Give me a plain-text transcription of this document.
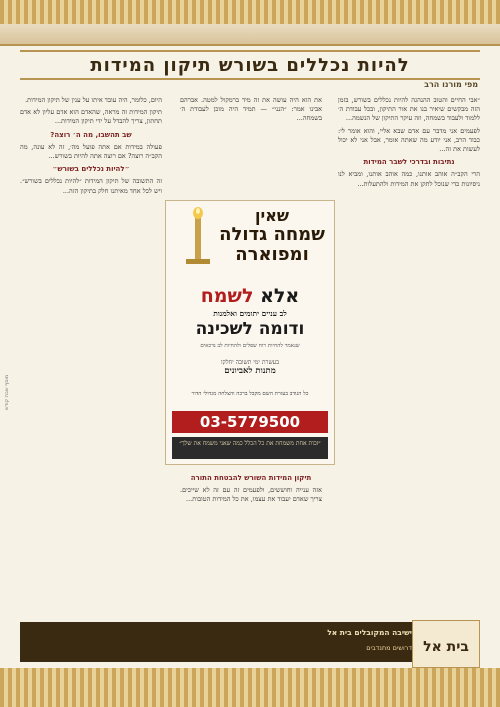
להיות נכללים בשורש תיקון המידות
מפי מורנו הרב

״אבי החיים והטוב ההנהגה להיות נכללים בשורש, בזמן הזה מבקשים שיאיר בנו את אור התיקון, ובכל עבודת ה׳ ללמוד ולעבוד בשמחה, וזה עיקר התיקון של הנשמה...

לפעמים אני מדבר עם אדם שבא אליי, והוא אומר לי: כבוד הרב, אני יודע מה שאתה אומר, אבל אני לא יכול לעשות את זה...

נתיבות ובדרכי לשבר המידות

הרי הקב״ה אוהב אותנו, כמה אוהב אותנו, ומביא לנו ניסיונות כדי שנוכל לתקן את המידות ולהתעלות...

את הוא היה עושה את זה מיד ברמקול למטה. אברהם אבינו אמר: ״הנני״ — תמיד היה מוכן לעבודת ה׳ בשמחה...

תיקון המידות השורש להבטחת התורה

אזה ענייה וחוששים, ולפעמים זה עם זה לא שייכים. צריך שאדם יעבוד את עצמו, את כל המידות הטובות...

היום, כלומר, היה עובד איתו על ענין של תיקון המידות.

תיקון המידות זה מראה, שהאדם הוא אדם עליון לא אדם תחתון, צריך להבדל על ידי תיקון המידות...

שב תהשבו, מה ה׳ רוצה?

פעולה במידות אם אתה פועל מה׳, זה לא עונה, מה הקב״ה רוצה? אם רוצה אתה להיות בשורש...

״להיות נכללים בשורש״

זה התשובה של תיקון המידות ״להיות נכללים בשורש״. ויש לכל אחד מאיתנו חלק בתיקון הזה...

שאין
שמחה גדולה
ומפוארה
אלא לשמח
לב עניים יתומים ואלמנות
ודומה לשכינה
שנאמר להחיות רוח שפלים ולהחיות לב נדכאים
בעשרת ימי תשובה יחלקו
מתנות לאביונים
כל הנודב בעזרת השם מקבל ברכה והצלחה מגדולי הדור
03-5779500
״זכות אחת משמחת את כל הכלל כמה שאני משמח את שלך״
מוסף שבת קודש
ישיבה המקובלים בית אל
דרושים מתנדבים בית אל
